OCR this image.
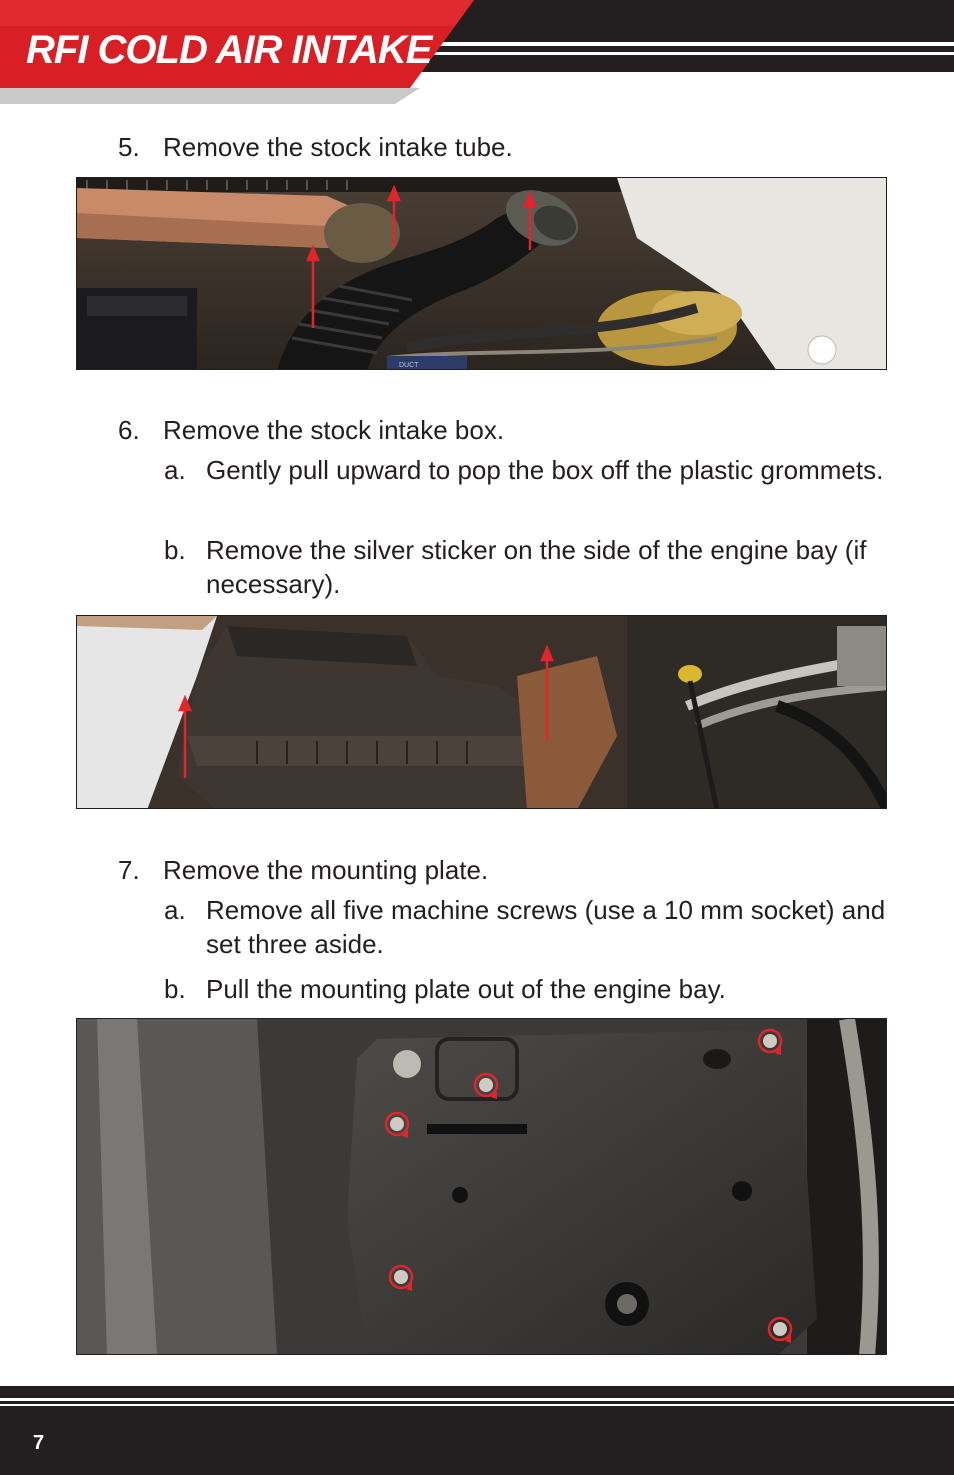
RFI COLD AIR INTAKE
5. Remove the stock intake tube.
DUCT
6. Remove the stock intake box.
a. Gently pull upward to pop the box off the plastic grommets.
b. Remove the silver sticker on the side of the engine bay (if necessary).
7. Remove the mounting plate.
a. Remove all five machine screws (use a 10 mm socket) and set three aside.
b. Pull the mounting plate out of the engine bay.
7
